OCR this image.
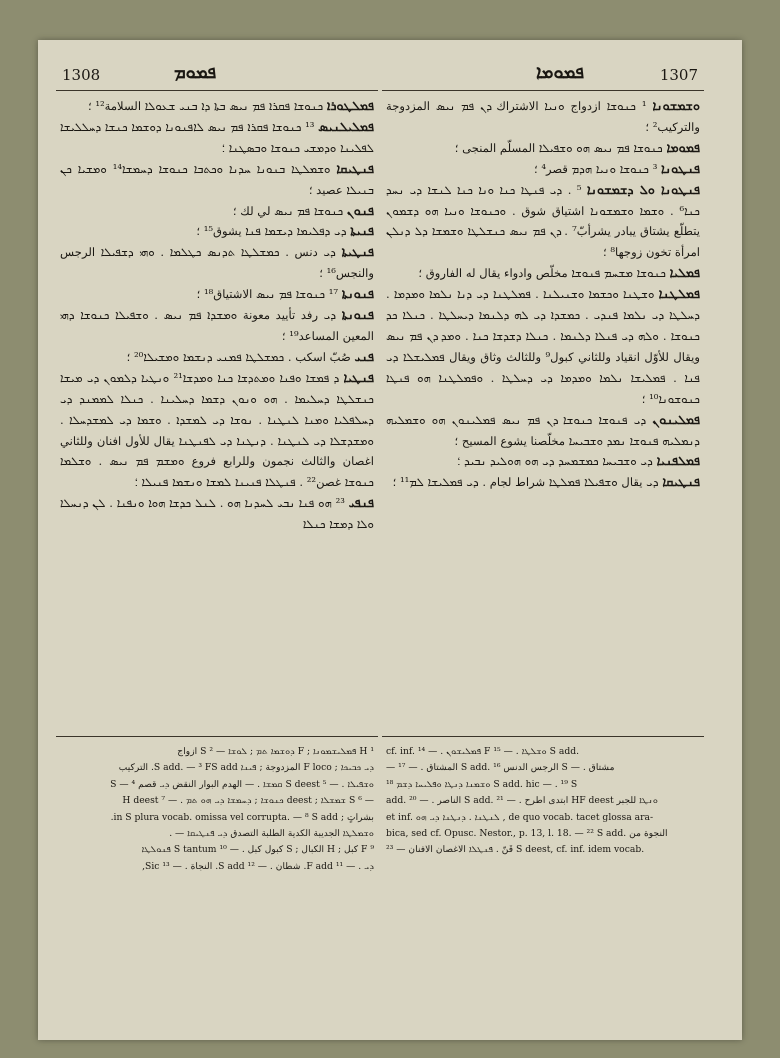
1308	ܦܡܘܡ

ܦܡܠܛܘܪܐ ܟܢܘܫܐ ܦܩܪܐ ܦܡ ܢܝܣ ܒܬܐ ܕܐ ܒܢܝ ܫܥܘܠܐ السلامة¹² ؛

ܦܡܠܝܠܢܝܣ ¹³ ܟܢܘܫܐ ܦܩܪܐ ܦܡ ܢܝܣ ܠܐܦܢܘܢܐ ܕܘܫܡܐ ܟܢܫܐ ܕܚܠܠܝܫܐ ܠܦܠܝܢܐ ܘܕܡܫܝ ܟܢܘܫܐ ܘܒܣܛܢܐ ؛

ܦܢܛܝܩܐ ܘܫܡܠܛܐ ܒܢܘܢܐ ܚܕܢܐ ܘܟܬܒܐ ܟܢܘܫܐ ܕܚܡܫܐ¹⁴ ܘܡܫܝܐ ܟܢ ܒܢܝܠܐ عصيد ؛

ܦܢܘܢ ܟܢܘܫܐ ܦܡ ܢܝܣ لي لك ؛

ܦܢܝܬܐ ܕܝ ܕܦܠܝܡܐ ܕܝܫܡܐ ܦܢܐ يشوق¹⁵ ؛

ܦܢܛܝܬܐ ܕܝ دنس . ܟܡܫܠܛܐ ܬܕܢܣ ܟܛܠܡܐ . ܘܗܝ ܕܫܦܝܠܐ الرجس والنجس¹⁶ ؛

ܦܢܘܢܬܐ ¹⁷ ܟܢܘܫܐ ܦܡ ܢܝܣ الاشتياق¹⁸ ؛

ܦܢܘܢܬܐ ܕܝ رفد تأييد معونة ܘܡܫܕܐ ܦܡ ܢܝܣ . ܘܫܦܝܠܐ ܟܢܘܫܐ ܕܗܝ المعين المساعد¹⁹ ؛

ܦܢܝ صُبّ اسكب . ܟܡܫܠܛܐ ܦܡܢܝ ܕܢܫܡܐ ܘܡܫܝܠܐ²⁰ ؛

ܦܢܛܝܐ ܕ ܦܡܫܐ ܘܦܢܐ ܘܡܬܕܫܐ ܟܢܐ ܘܡܕܫܐ²¹ ܘܢܛܝܐ ܕܠܡܘܢ ܕܝ ܡܝܫܐ ܟܢܫܠܛܐ ܕܚܠܝܡܐ . ܗܘ ܘܢܘܢ ܕܫܡܐ ܕܚܠܝܢܐ . ܟܢܠܐ ܠܡܡܢܕ ܕܝ ܕܚܠܦܠܝܐ ܘܡܢܐ ܠܢܛܢܐ . ܢܘܫܐ ܕܝ ܠܡܫܕܐ . ܘܫܡܐ ܕܝ ܠܡܫܕܚܠܐ . ܘܡܫܕܫܠܐ ܕܝ ܠܢܛܢܐ . ܕܢܛܢܐ ܕܝ ܠܦܢܛܢܐ يقال للأول افنان وللثاني اغصان والثالث نجمون وللرابع فروع ܘܡܫܡ ܦܡ ܢܝܣ . ܘܫܠܡܐ ܟܢܘܫܐ غصن²² . ܦܢܛܠܐ ܦܢܝܢܐ ܠܡܫܐ ܘܢܫܡܐ ܦܢܝܠܐ ؛

ܦܢܦܝ ²³ ܗܘ ܦܢܐ ܢܒܝ ܠܚܕܢܐ ܗܘ . ܠܢܠ ܟܕܫܐ ܗܘܐ ܘܢܦܢܐ . ܠܢ ܕܢܚܠܐ ܘܠܐ ܕܡܫܐ ܟܢܠܐ

¹ H ܦܡܠܝܫܡܘܢܐ ; F ܕܘܫܡܐ ܬܡ ; ܠܘܫܐ — ² S ازواج

ܕܝ ܟܒܝܟܐ ; F loco المزدوجة ; ܦܝܢܐ S add. — ³ FS add. التركيب

ܘܫܦܝܠܐ . — ⁵ S deest ܩܡܫܐ . — الهدم البوار النقض ܕܝ قصم S — ⁴

— ⁶ S ܫܡܫܠܐ ; deest ܟܢܘܫܐ ; ܕܚܡܫܐ ܕܝ ܗܘ ܬܡ . — ⁷ H deest

بشراتٍ ; in S plura vocab. omissa vel corrupta. — ⁸ S add.

ܘܫܡܠܛܐ الجديبة الكدية الطلبة التصدق ܕܝ ܦܢܛܝܩܐ — .

⁹ F كبل ; H الكبال ; S كبول كبل . — ¹⁰ S tantum ܦܢܘܠܛܐ

ܕܝ . — ¹¹ F add. شطان . — ¹² S add. النجاة . — ¹³ Sic,

1307
ܦܡܘܡܐ

ܘܫܡܫܘܢܐ ¹ ܟܢܘܫܐ ازدواج ܘܢܝܐ الاشتراك ܕܢ ܦܡ ܢܝܣ المزدوجة والتركيب² ؛

ܦܡܘܡܐ ܟܢܘܫܐ ܦܡ ܢܝܣ ܗܘ ܘܫܦܝܠܐ المسلّم المنجى ؛

ܦܢܛܘܢܐ ³ ܟܢܘܫܐ ܘܢܝܐ ܗܕܡ قصر⁴ ؛

ܦܢܛܘܢܐ ܘܠ ܕܫܡܫܘܢܐ ⁵ . ܕܝ ܦܢܛܐ ܟܢܐ ܘܢܐ ܟܢܐ ܠܢܫܐ ܕܝ ܢܚܕ ܟܢܐ⁶ . ܘܫܡܐ ܘܫܡܫܘܢܐ اشتياق شوق . ܘܟܢܘܫܐ ܘܢܝܐ ܗܘ ܕܫܡܘܢ يتطلّع يشتاق يبادر يشرأبّ⁷ . ܕܢ ܦܡ ܢܝܣ ܟܢܫܠܛܐ ܘܫܡܫܐ ܕܠ ܕܢܠܢ امرأة تخون زوجها⁸ ؛

ܦܡܠܝܐ ܟܢܘܫܐ ܡܫܚܡ ܦܢܘܫܐ مخلّص وادواء يقال له الفاروق ؛

ܦܡܠܛܢܐ ܘܫܛܢܐ ܘܟܫܡܐ ܘܫܢܝܠܢܐ . ܦܡܠܛܢܐ ܕܝ ܕܢܐ ܢܠܡܐ ܘܡܕܡܐ . ܕܚܠܛܐ ܕܝ ܢܠܡܐ ܦܢܕܝ . ܟܡܫܕܐ ܕܝ ܠܗ ܕܠܢܡܐ ܕܝܚܠܛܐ . ܟܢܠܐ ܟܕ ܟܢܘܫܐ . ܘܠܗ ܕܝ ܦܢܠܐ ܕܠܢܡܐ . ܟܢܠܐ ܕܫܕܫܐ ܟܢܐ . ܘܡܕ ܕܢ ܦܡ ܢܝܣ ويقال للأوّل انقياد وللثاني كبول⁹ وللثالث وثاق ويقال ܦܡܠܝܫܠܐ ܕܝ ܦܢܐ . ܦܡܠܝܫܐ ܢܠܡܐ ܘܡܕܡܐ ܕܝ ܕܚܠܛܐ . ܘܦܡܠܛܢܐ ܗܘ ܦܢܛܐ ܟܢܘܫܘܢܐ¹⁰ ؛

ܦܡܠܝܢܘܢ ܕܝ ܦܢܘܫܐ ܟܢܘܫܐ ܕܢ ܦܡ ܢܝܣ ܦܡܠܝܢܘܢ ܗܘ ܘܫܡܠܝܗ ܕܢܡܠܝܗ ܦܢܘܫܐ ܢܡܕ ܘܫܒܝܚܐ مخلّصنا يشوع المسيح ؛

ܦܡܠܦܢܝܐ ܕܝ ܘܫܒܝܚܐ ܟܡܫܡܚܕ ܕܝ ܗܘ ܗܘܠܝܕ ܢܒܝܕ ؛

ܦܢܛܝܩܐ ܕܝ يقال ܘܫܦܝܠܐ ܦܡܠܛܐ شراط لجام . ܕܝ ܦܡܠܝܫܐ ܠܡ¹¹ ؛

cf. inf. ܦܡܠܝܫܘܢ . — ¹⁴ F ܘܫܠܛܐ . — ¹⁵ S add.

— المشتاق . — ¹⁷ S add. الرجس الدنس ¹⁶ S — . مشتاق

ܘܫܡܢܐ ܕܢܛܐ ܘܦܠܝܚܐ ܕܫܡ ¹⁸ S add. hic — . ¹⁹ S

add. الناصر . — ²⁰ S add. ابتدى اطرح . — ²¹ HF deest ܘܢܛܐ للجبر

et inf. ܠܢܛܢܐ . ܕܢܛܢܐ ܕܝ ܗܘ , de quo vocab. tacet glossa ara-

bica, sed cf. Opusc. Nestor., p. 13, l. 18. — ²² S add. النجوة من

قَنّ . ܦܢܛܠܐ الاغصان الافنان — ²³ S deest, cf. inf. idem vocab.
